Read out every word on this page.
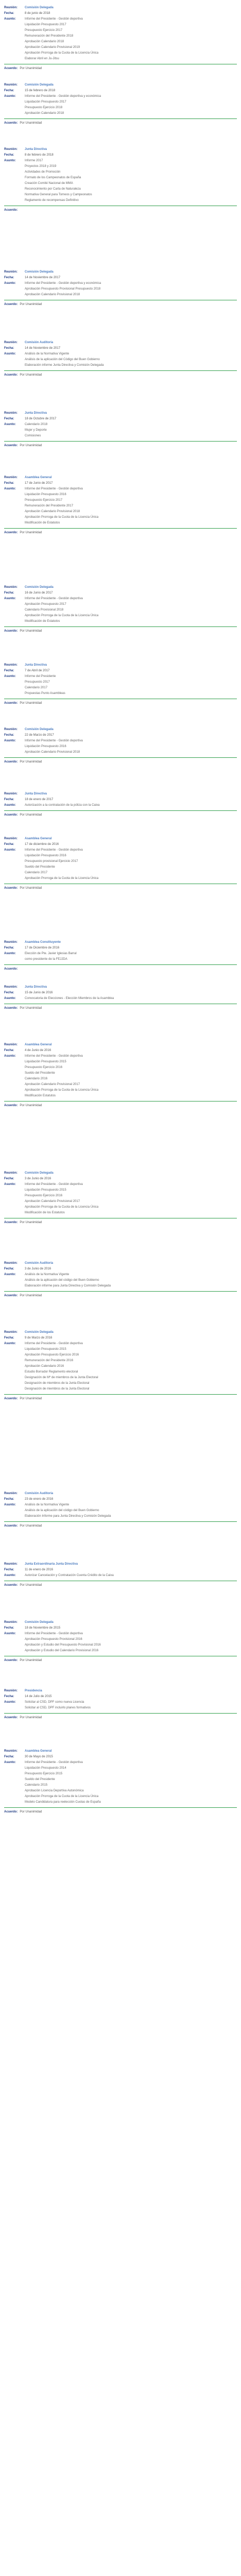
Reunión:	Comisión Delegada
Fecha:	8 de junio de 2018
Asunto:	Informe del Presidente - Gestión deportiva
Liquidación Presupuesto 2017
Presupuesto Ejercicio 2017
Remuneración del Presidente 2018
Aprobación Calendario 2018
Aprobación Calendario Provisional 2019
Aprobación Prorroga de la Cuota de la Licencia Única
Elaborar Abril en Ju-Jitsu
Acuerdo: Por Unanimidad
Reunión:	Comisión Delegada
Fecha:	15 de febrero de 2018
Asunto:	Informe del Presidente - Gestión deportiva y económica
Liquidación Presupuesto 2017
Presupuesto Ejercicio 2018
Aprobación Calendario 2018
Acuerdo: Por Unanimidad
Reunión:	Junta Directiva
Fecha:	8 de febrero de 2018
Asunto:	Informe 2017
Proyectos 2018 y 2019
Actividades de Promoción
Formato de los Campeonatos de España
Creación Comité Nacional de MMA
Reconocimiento por Carta de Naturaleza
Normativa General para Torneos y Campeonatos
Reglamento de recompensas Definitivo
Acuerdo:
Reunión:	Comisión Delegada
Fecha:	14 de Noviembre de 2017
Asunto:	Informe del Presidente - Gestión deportiva y económica
Aprobación Presupuesto Provisional Presupuesto 2018
Aprobación Calendario Provisional 2018
Acuerdo: Por Unanimidad
Reunión:	Comisión Auditoría
Fecha:	14 de Noviembre de 2017
Asunto:	Análisis de la Normativa Vigente
Análisis de la aplicación del Código del Buen Gobierno
Elaboración informe Junta Directiva y Comisión Delegada
Acuerdo: Por Unanimidad
Reunión:	Junta Directiva
Fecha:	18 de Octubre de 2017
Asunto:	Calendario 2018
Mujer y Deporte
Comisiones
Acuerdo: Por Unanimidad
Reunión:	Asamblea General
Fecha:	17 de Junio de 2017
Asunto:	Informe del Presidente - Gestión deportiva
Liquidación Presupuesto 2016
Presupuesto Ejercicio 2017
Remuneración del Presidente 2017
Aprobación Calendario Provisional 2018
Aprobación Prorroga de la Cuota de la Licencia Única
Modificación de Estatutos
Acuerdo: Por Unanimidad
Reunión:	Comisión Delegada
Fecha:	16 de Junio de 2017
Asunto:	Informe del Presidente - Gestión deportiva
Aprobación Presupuesto 2017
Calendario Provisional 2018
Aprobación Prorroga de la Cuota de la Licencia Única
Modificación de Estatutos
Acuerdo: Por Unanimidad
Reunión:	Junta Directiva
Fecha:	7 de Abril de 2017
Asunto:	Informe del Presidente
Presupuesto 2017
Calendario 2017
Propuestas Punto Asambleas
Acuerdo: Por Unanimidad
Reunión:	Comisión Delegada
Fecha:	22 de Marzo de 2017
Asunto:	Informe del Presidente - Gestión deportiva
Liquidación Presupuesto 2016
Aprobación Calendario Provisional 2018
Acuerdo: Por Unanimidad
Reunión:	Junta Directiva
Fecha:	18 de enero de 2017
Asunto:	Autorización a la contratación de la póliza con la Caixa
Acuerdo: Por Unanimidad
Reunión:	Asamblea General
Fecha:	17 de diciembre de 2016
Asunto:	Informe del Presidente - Gestión deportiva
Liquidación Presupuesto 2016
Presupuesto provisional Ejercicio 2017
Sueldo del Presidente
Calendario 2017
Aprobación Prorroga de la Cuota de la Licencia Única
Acuerdo: Por Unanimidad
Reunión:	Asamblea Constituyente
Fecha:	17 de Diciembre de 2016
Asunto:	Elección de Pte. Javier Iglesias Barral
como presidente de la FEJJDA
Acuerdo:
Reunión:	Junta Directiva
Fecha:	15 de Junio de 2016
Asunto:	Convocatoria de Elecciones - Elección Miembros de la Asamblea
Acuerdo: Por Unanimidad
Reunión:	Asamblea General
Fecha:	4 de Junio de 2016
Asunto:	Informe del Presidente - Gestión deportiva
Liquidación Presupuesto 2015
Presupuesto Ejercicio 2016
Sueldo del Presidente
Calendario 2016
Aprobación Calendario Provisional 2017
Aprobación Prorroga de la Cuota de la Licencia Única
Modificación Estatutos
Acuerdo: Por Unanimidad
Reunión:	Comisión Delegada
Fecha:	3 de Junio de 2016
Asunto:	Informe del Presidente - Gestión deportiva
Liquidación Presupuesto 2015
Presupuesto Ejercicio 2016
Aprobación Calendario Provisional 2017
Aprobación Prorroga de la Cuota de la Licencia Única
Modificación de los Estatutos
Acuerdo: Por Unanimidad
Reunión:	Comisión Auditoría
Fecha:	3 de Junio de 2016
Asunto:	Análisis de la Normativa Vigente
Análisis de la aplicación del código del Buen Gobierno
Elaboración informe para Junta Directiva y Comisión Delegada
Acuerdo: Por Unanimidad
Reunión:	Comisión Delegada
Fecha:	9 de Marzo de 2016
Asunto:	Informe del Presidente - Gestión deportiva
Liquidación Presupuesto 2015
Aprobación Presupuesto Ejercicio 2016
Remuneración del Presidente 2016
Aprobación Calendario 2016
Estudio Borrador Reglamento electoral
Designación de Mº de miembros de la Junta Electoral
Designación de miembros de la Junta Electoral
Designación de miembros de la Junta Electoral
Acuerdo: Por Unanimidad
Reunión:	Comisión Auditoría
Fecha:	23 de enero de 2016
Asunto:	Análisis de la Normativa Vigente
Análisis de la aplicación del código del Buen Gobierno
Elaboración Informe para Junta Directiva y Comisión Delegada
Acuerdo: Por Unanimidad
Reunión:	Junta Extraordinaria Junta Directiva
Fecha:	11 de enero de 2016
Asunto:	Autorizar Cancelación y Contratación Cuenta Crédito de la Caixa
Acuerdo: Por Unanimidad
Reunión:	Comisión Delegada
Fecha:	18 de Noviembre de 2015
Asunto:	Informe del Presidente - Gestión deportiva
Aprobación Presupuesto Provisional 2016
Aprobación y Estudio del Presupuesto Provisional 2016
Aprobación y Estudio del Calendario Provisional 2016
Acuerdo: Por Unanimidad
Reunión:	Presidencia
Fecha:	14 de Julio de 2015
Asunto:	Solicitar al CSD, DPF como nueva Licencia
Solicitar al CSD, DPF incluirlo planes formativos
Acuerdo: Por Unanimidad
Reunión:	Asamblea General
Fecha:	30 de Mayo de 2015
Asunto:	Informe del Presidente - Gestión deportiva
Liquidación Presupuesto 2014
Presupuesto Ejercicio 2015
Sueldo del Presidente
Calendario 2015
Aprobación Licencia Deportiva Autonómica
Aprobación Prorroga de la Cuota de la Licencia Única
Modelo Candidatura para reelección Cuotas de España
Acuerdo: Por Unanimidad
